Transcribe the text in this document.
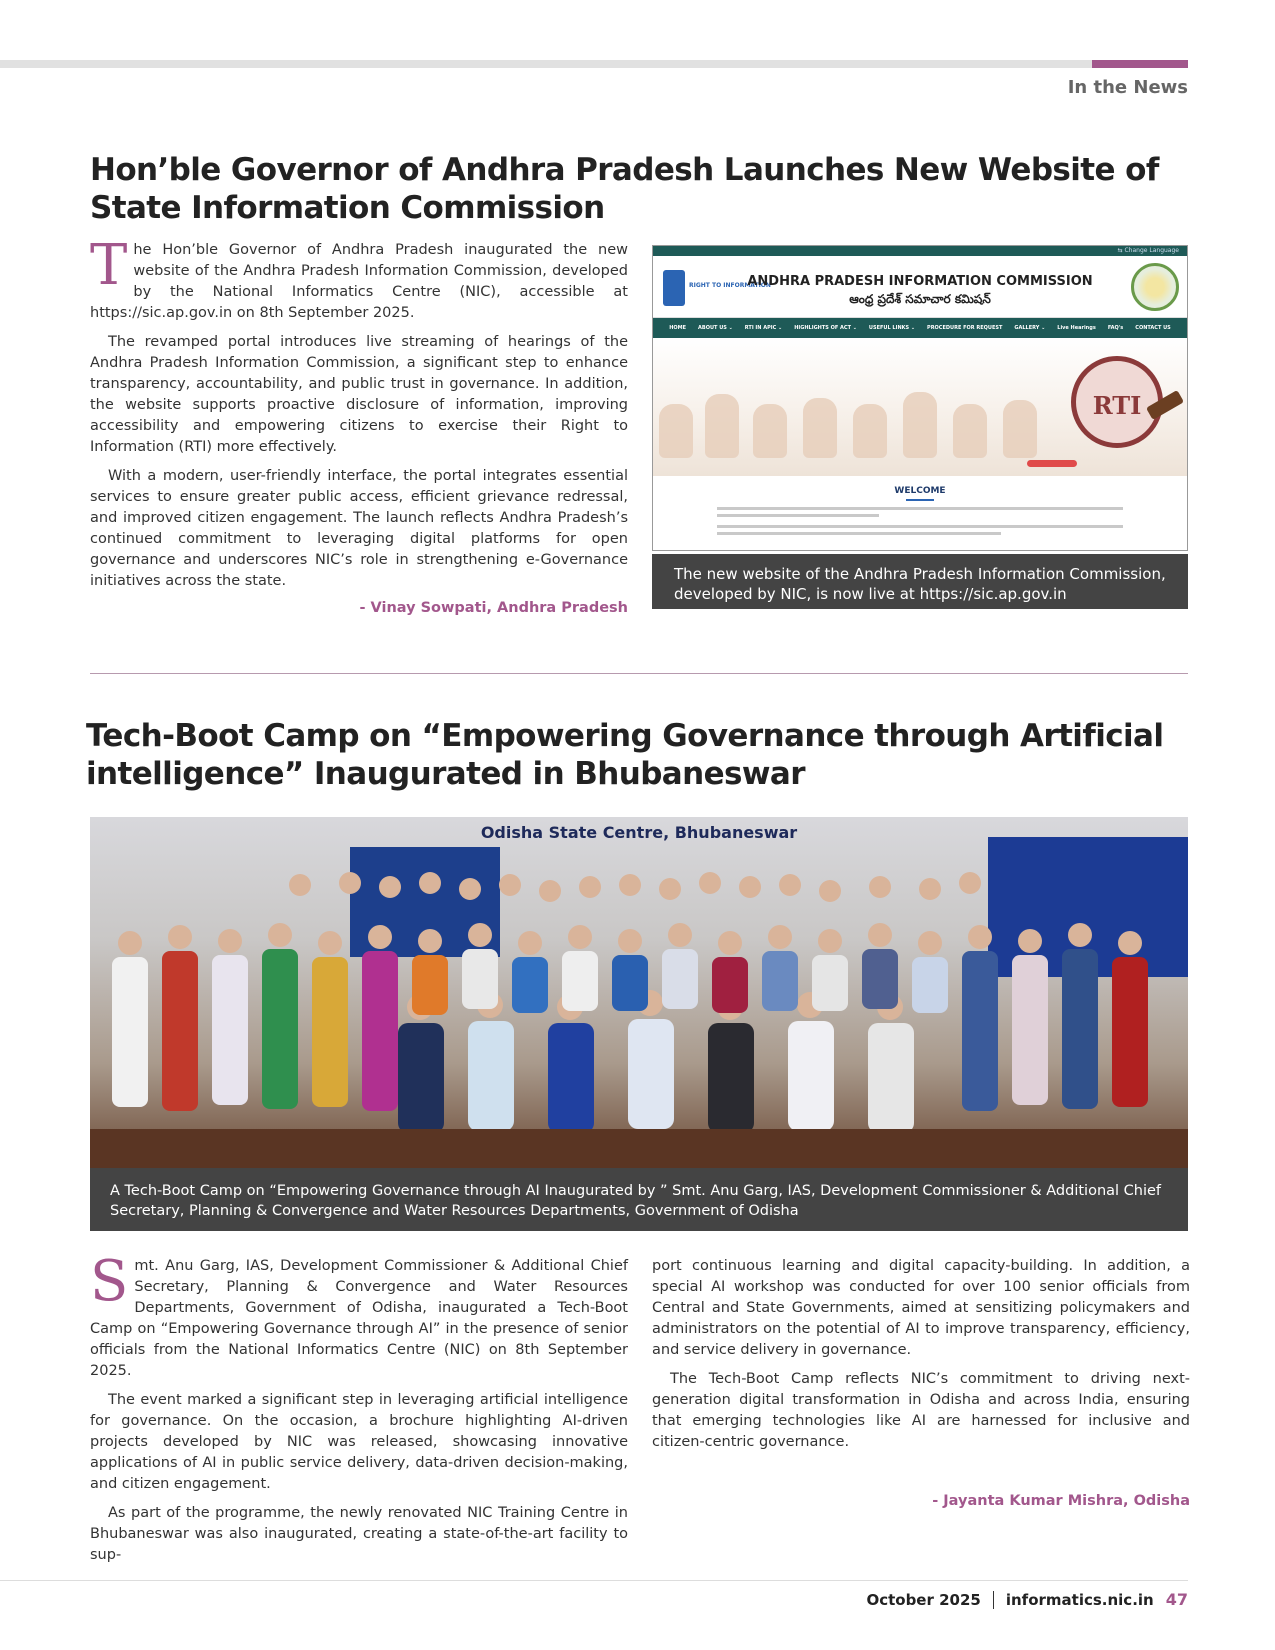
In the News
Hon’ble Governor of Andhra Pradesh Launches New Website of State Information Commission

The Hon’ble Governor of Andhra Pradesh inaugurated the new website of the Andhra Pradesh Information Commission, developed by the National Informatics Centre (NIC), accessible at https://sic.ap.gov.in on 8th September 2025.

The revamped portal introduces live streaming of hearings of the Andhra Pradesh Information Commission, a significant step to enhance transparency, accountability, and public trust in governance. In addition, the website supports proactive disclosure of information, improving accessibility and empowering citizens to exercise their Right to Information (RTI) more effectively.

With a modern, user-friendly interface, the portal integrates essential services to ensure greater public access, efficient grievance redressal, and improved citizen engagement. The launch reflects Andhra Pradesh’s continued commitment to leveraging digital platforms for open governance and underscores NIC’s role in strengthening e-Governance initiatives across the state.

- Vinay Sowpati, Andhra Pradesh
⇆ Change Language
RIGHT TO INFORMATION
ANDHRA PRADESH INFORMATION COMMISSION
ఆంధ్ర ప్రదేశ్ సమాచార కమిషన్
HOME ABOUT US ⌄ RTI IN APIC ⌄ HIGHLIGHTS OF ACT ⌄ USEFUL LINKS ⌄ PROCEDURE FOR REQUEST GALLERY ⌄ Live Hearings FAQ's CONTACT US
RTI
WELCOME
The new website of the Andhra Pradesh Information Commission, developed by NIC, is now live at https://sic.ap.gov.in
Tech-Boot Camp on “Empowering Governance through Artificial intelligence” Inaugurated in Bhubaneswar
Odisha State Centre, Bhubaneswar
A Tech-Boot Camp on “Empowering Governance through AI Inaugurated by ” Smt. Anu Garg, IAS, Development Commissioner & Additional Chief Secretary, Planning & Convergence and Water Resources Departments, Government of Odisha

Smt. Anu Garg, IAS, Development Commissioner & Additional Chief Secretary, Planning & Convergence and Water Resources Departments, Government of Odisha, inaugurated a Tech-Boot Camp on “Empowering Governance through AI” in the presence of senior officials from the National Informatics Centre (NIC) on 8th September 2025.

The event marked a significant step in leveraging artificial intelligence for governance. On the occasion, a brochure highlighting AI-driven projects developed by NIC was released, showcasing innovative applications of AI in public service delivery, data-driven decision-making, and citizen engagement.

As part of the programme, the newly renovated NIC Training Centre in Bhubaneswar was also inaugurated, creating a state-of-the-art facility to sup-

port continuous learning and digital capacity-building. In addition, a special AI workshop was conducted for over 100 senior officials from Central and State Governments, aimed at sensitizing policymakers and administrators on the potential of AI to improve transparency, efficiency, and service delivery in governance.

The Tech-Boot Camp reflects NIC’s commitment to driving next-generation digital transformation in Odisha and across India, ensuring that emerging technologies like AI are harnessed for inclusive and citizen-centric governance.

- Jayanta Kumar Mishra, Odisha
October 2025 informatics.nic.in 47
